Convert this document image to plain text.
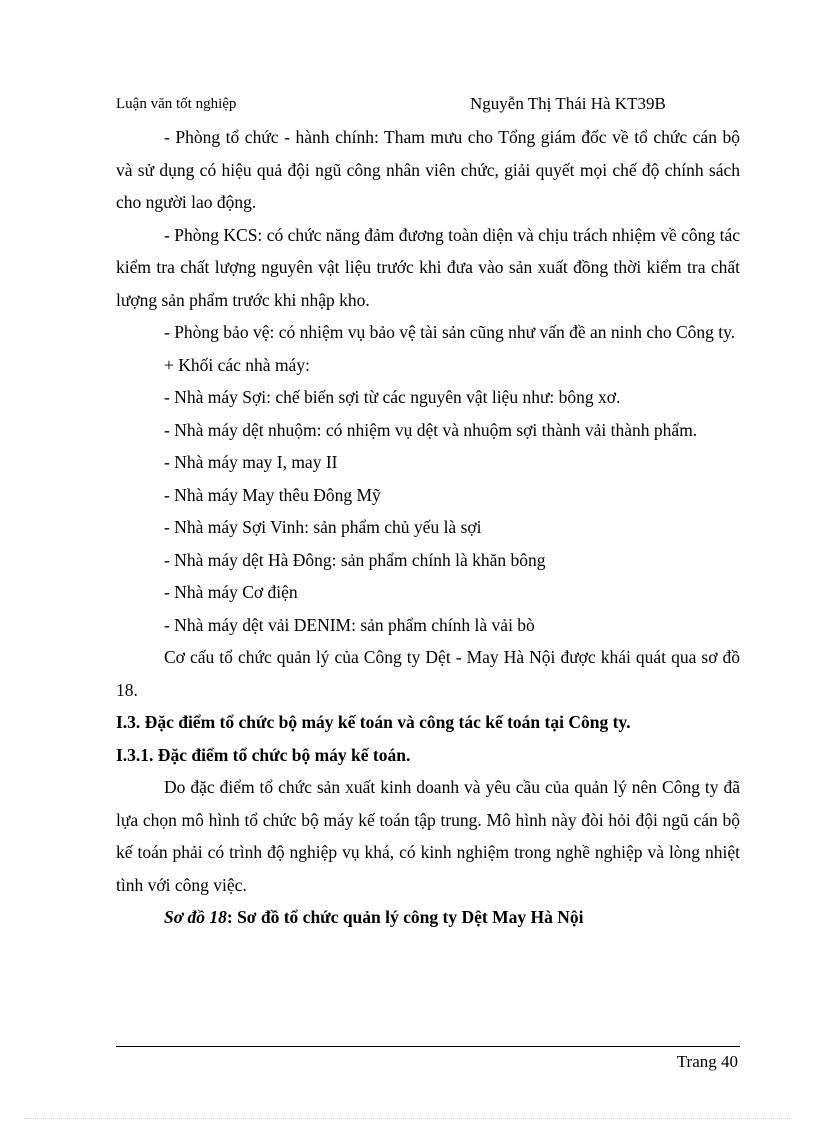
Luận văn tốt nghiệp	Nguyễn Thị Thái Hà KT39B

- Phòng tổ chức - hành chính: Tham mưu cho Tổng giám đốc về tổ chức cán bộ và sử dụng có hiệu quả đội ngũ công nhân viên chức, giải quyết mọi chế độ chính sách cho người lao động.

- Phòng KCS: có chức năng đảm đương toàn diện và chịu trách nhiệm về công tác kiểm tra chất lượng nguyên vật liệu trước khi đưa vào sản xuất đồng thời kiểm tra chất lượng sản phẩm trước khi nhập kho.

- Phòng bảo vệ: có nhiệm vụ bảo vệ tài sản cũng như vấn đề an ninh cho Công ty.

+ Khối các nhà máy:

- Nhà máy Sợi: chế biến sợi từ các nguyên vật liệu như: bông xơ.

- Nhà máy dệt nhuộm: có nhiệm vụ dệt và nhuộm sợi thành vải thành phẩm.

- Nhà máy may I, may II

- Nhà máy May thêu Đông Mỹ

- Nhà máy Sợi Vinh: sản phẩm chủ yếu là sợi

- Nhà máy dệt Hà Đông: sản phẩm chính là khăn bông

- Nhà máy Cơ điện

- Nhà máy dệt vải DENIM: sản phẩm chính là vải bò

Cơ cấu tổ chức quản lý của Công ty Dệt - May Hà Nội được khái quát qua sơ đồ 18.

I.3. Đặc điểm tổ chức bộ máy kế toán và công tác kế toán tại Công ty.

I.3.1. Đặc điểm tổ chức bộ máy kế toán.

Do đặc điểm tổ chức sản xuất kinh doanh và yêu cầu của quản lý nên Công ty đã lựa chọn mô hình tổ chức bộ máy kế toán tập trung. Mô hình này đòi hỏi đội ngũ cán bộ kế toán phải có trình độ nghiệp vụ khá, có kinh nghiệm trong nghề nghiệp và lòng nhiệt tình với công việc.

Sơ đồ 18: Sơ đồ tổ chức quản lý công ty Dệt May Hà Nội

Trang 40
